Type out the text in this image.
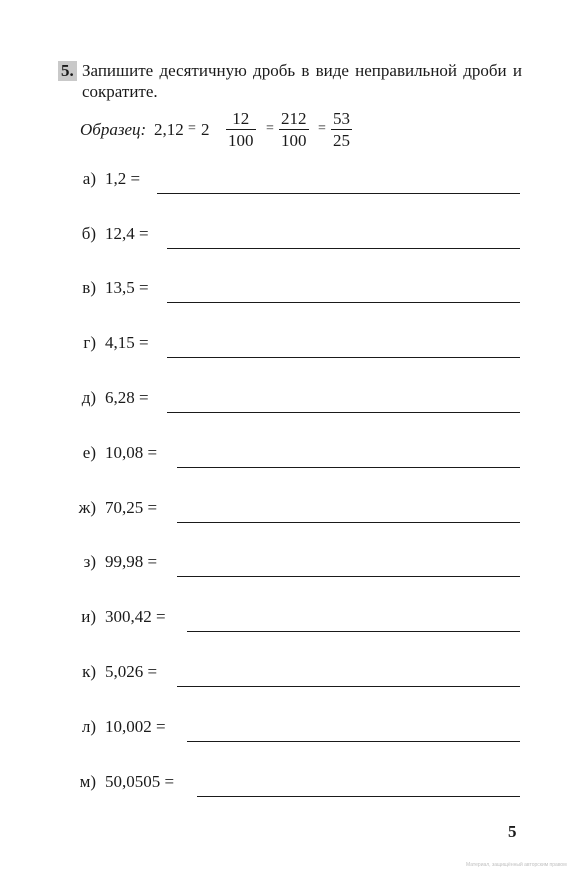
5. Запишите десятичную дробь в виде неправильной дроби и сократите.
Образец: $2,12 = 2 \frac{12}{100} = \frac{212}{100} = \frac{53}{25}$
а) 1,2 =
б) 12,4 =
в) 13,5 =
г) 4,15 =
д) 6,28 =
е) 10,08 =
ж) 70,25 =
з) 99,98 =
и) 300,42 =
к) 5,026 =
л) 10,002 =
м) 50,0505 =
5
Материал, защищённый авторским правом
